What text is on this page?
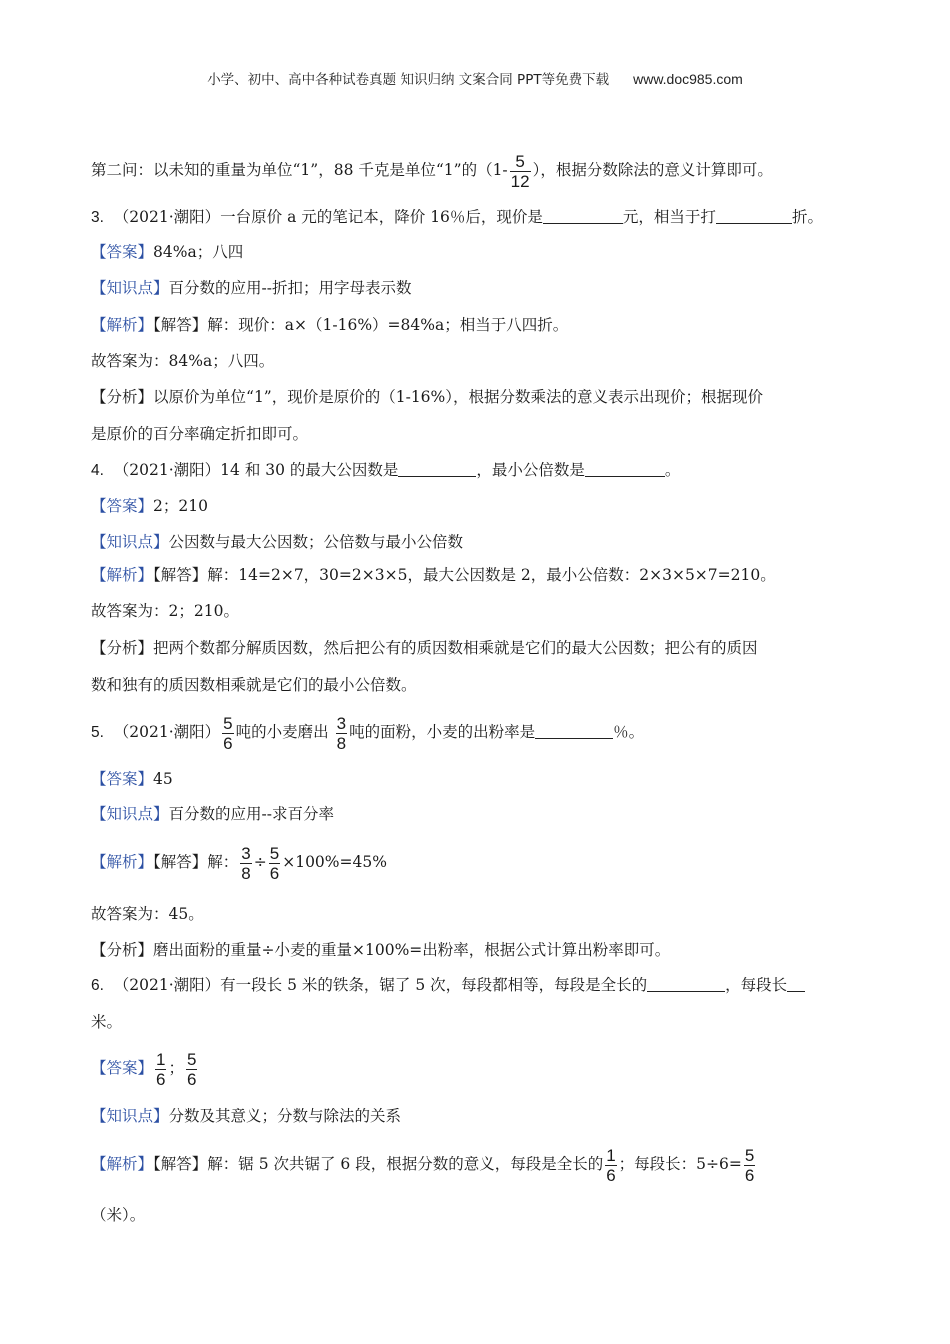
小学、初中、高中各种试卷真题 知识归纳 文案合同 PPT等免费下载 www.doc985.com
第二问：以未知的重量为单位“1”，88 千克是单位“1”的（$1- \frac{5}{12}$ ），根据分数除法的意义计算即可。
3. （2021·潮阳）一台原价 a 元的笔记本，降价 16％后，现价是	元，相当于打	折。
【答案】84%a；八四
【知识点】百分数的应用--折扣；用字母表示数
【解析】【解答】解：现价：a×（1-16%）=84%a；相当于八四折。
故答案为：84%a；八四。
【分析】以原价为单位“1”，现价是原价的（1-16%），根据分数乘法的意义表示出现价；根据现价
是原价的百分率确定折扣即可。
4. （2021·潮阳）14 和 30 的最大公因数是	，最小公倍数是	。
【答案】2；210
【知识点】公因数与最大公因数；公倍数与最小公倍数
【解析】【解答】解：14=2×7，30=2×3×5，最大公因数是 2，最小公倍数：2×3×5×7=210。
故答案为：2；210。
【分析】把两个数都分解质因数，然后把公有的质因数相乘就是它们的最大公因数；把公有的质因
数和独有的质因数相乘就是它们的最小公倍数。
5. （2021·潮阳） $\frac{5}{6}$ 吨的小麦磨出 $\frac{3}{8}$ 吨的面粉，小麦的出粉率是	％。
【答案】45
【知识点】百分数的应用--求百分率
【解析】【解答】解： $\frac{3}{8} \div \frac{5}{6} \times 100\%=45\%$
故答案为：45。
【分析】磨出面粉的重量÷小麦的重量×100%=出粉率，根据公式计算出粉率即可。
6. （2021·潮阳）有一段长 5 米的铁条，锯了 5 次，每段都相等，每段是全长的	，每段长
米。
【答案】 $\frac{1}{6}$ ； $\frac{5}{6}$
【知识点】分数及其意义；分数与除法的关系
【解析】【解答】解：锯 5 次共锯了 6 段，根据分数的意义，每段是全长的 $\frac{1}{6}$ ；每段长：$5\div 6= \frac{5}{6}$
（米）。
